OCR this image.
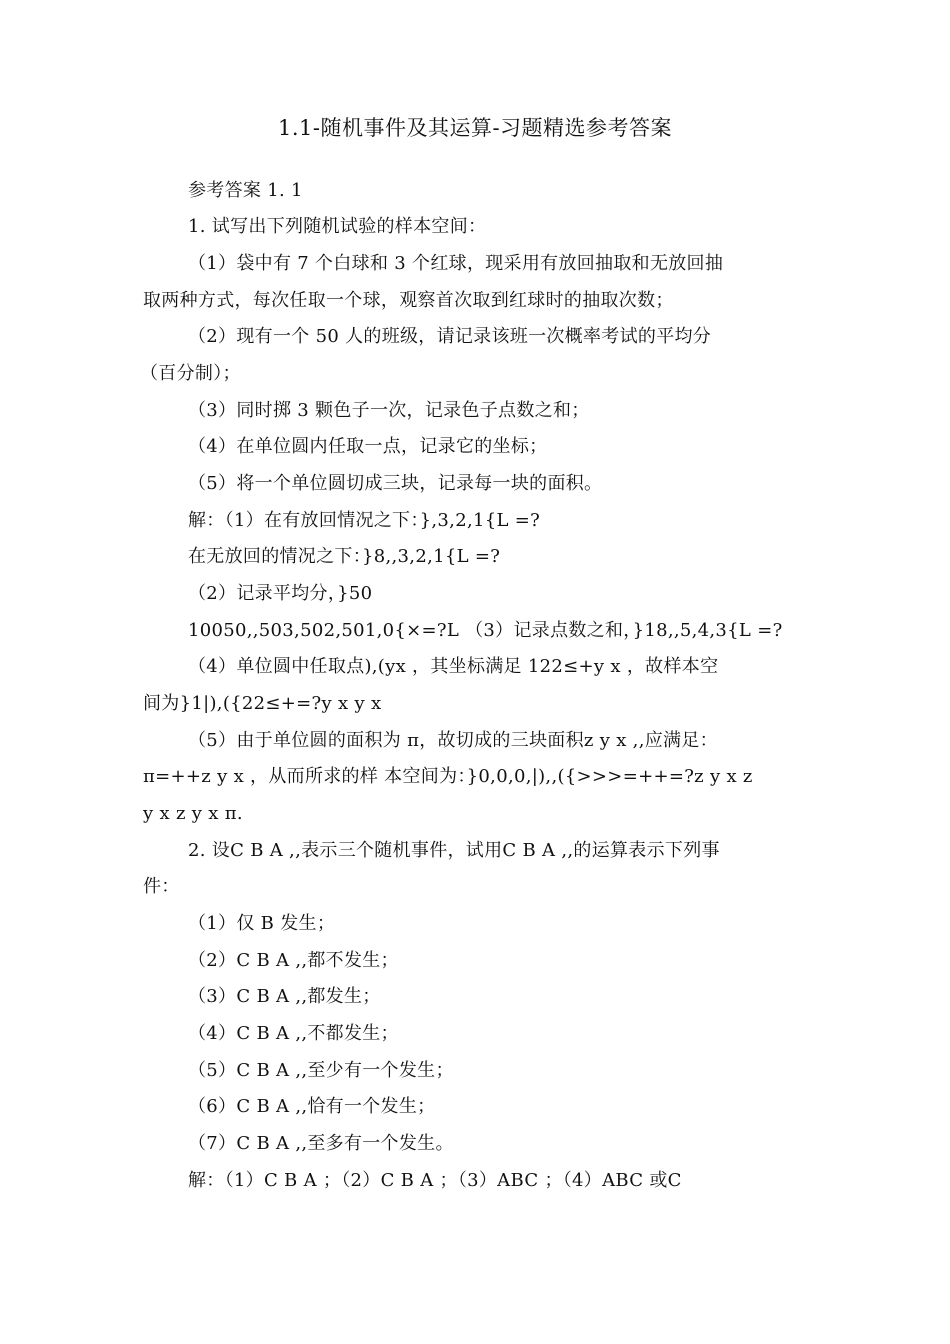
1.1-随机事件及其运算-习题精选参考答案
参考答案 1. 1
1. 试写出下列随机试验的样本空间：
（1）袋中有 7 个白球和 3 个红球，现采用有放回抽取和无放回抽
取两种方式，每次任取一个球，观察首次取到红球时的抽取次数；
（2）现有一个 50 人的班级，请记录该班一次概率考试的平均分
（百分制）；
（3）同时掷 3 颗色子一次，记录色子点数之和；
（4）在单位圆内任取一点，记录它的坐标；
（5）将一个单位圆切成三块，记录每一块的面积。
解：（1）在有放回情况之下：},3,2,1{L =?
在无放回的情况之下：}8,,3,2,1{L =?
（2）记录平均分，}50
10050,,503,502,501,0{×=?L （3）记录点数之和，}18,,5,4,3{L =?
（4）单位圆中任取点),(yx ，其坐标满足 122≤+y x ，故样本空
间为}1|),({22≤+=?y x y x
（5）由于单位圆的面积为 π，故切成的三块面积z y x ,,应满足：
π=++z y x ，从而所求的样 本空间为：}0,0,0,|),,({>>>=++=?z y x z
y x z y x π.
2. 设C B A ,,表示三个随机事件，试用C B A ,,的运算表示下列事
件：
（1）仅 B 发生；
（2）C B A ,,都不发生；
（3）C B A ,,都发生；
（4）C B A ,,不都发生；
（5）C B A ,,至少有一个发生；
（6）C B A ,,恰有一个发生；
（7）C B A ,,至多有一个发生。
解：（1）C B A ；（2）C B A ；（3）ABC ；（4）ABC 或C
